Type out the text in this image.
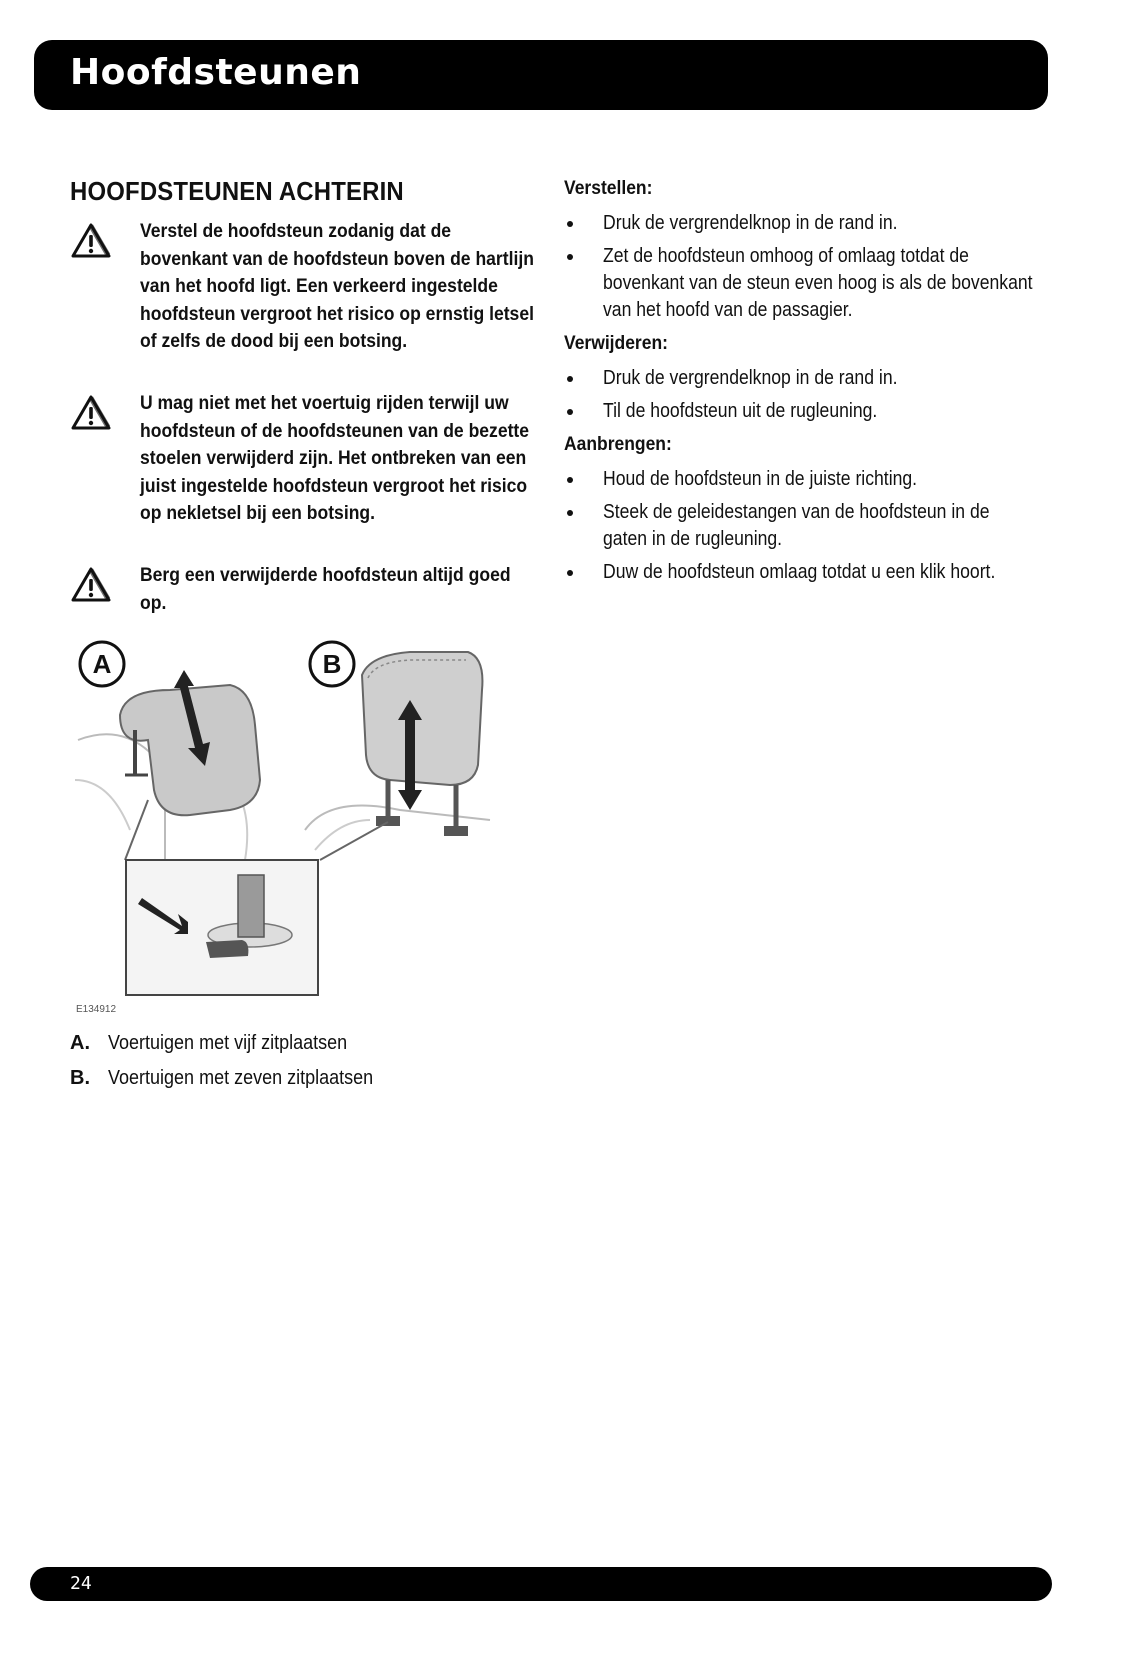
Hoofdsteunen
HOOFDSTEUNEN ACHTERIN
Verstel de hoofdsteun zodanig dat de bovenkant van de hoofdsteun boven de hartlijn van het hoofd ligt. Een verkeerd ingestelde hoofdsteun vergroot het risico op ernstig letsel of zelfs de dood bij een botsing.
U mag niet met het voertuig rijden terwijl uw hoofdsteun of de hoofdsteunen van de bezette stoelen verwijderd zijn. Het ontbreken van een juist ingestelde hoofdsteun vergroot het risico op nekletsel bij een botsing.
Berg een verwijderde hoofdsteun altijd goed op.
A	B
E134912
A. Voertuigen met vijf zitplaatsen
B. Voertuigen met zeven zitplaatsen
Verstellen:
Druk de vergrendelknop in de rand in.
Zet de hoofdsteun omhoog of omlaag totdat de bovenkant van de steun even hoog is als de bovenkant van het hoofd van de passagier.
Verwijderen:
Druk de vergrendelknop in de rand in.
Til de hoofdsteun uit de rugleuning.
Aanbrengen:
Houd de hoofdsteun in de juiste richting.
Steek de geleidestangen van de hoofdsteun in de gaten in de rugleuning.
Duw de hoofdsteun omlaag totdat u een klik hoort.
24
